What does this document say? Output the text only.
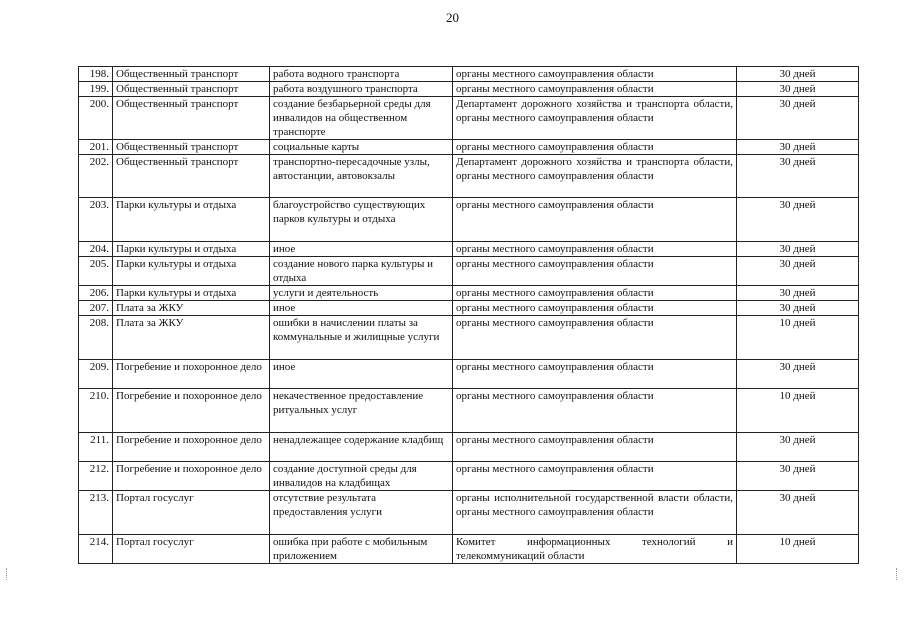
20
198.	Общественный транспорт	работа водного транспорта	органы местного самоуправления области	30 дней
199.	Общественный транспорт	работа воздушного транспорта	органы местного самоуправления области	30 дней
200.	Общественный транспорт	создание безбарьерной среды для инвалидов на общественном транспорте	Департамент дорожного хозяйства и транспорта области, органы местного самоуправления области	30 дней
201.	Общественный транспорт	социальные карты	органы местного самоуправления области	30 дней
202.	Общественный транспорт	транспортно-пересадочные узлы, автостанции, автовокзалы	Департамент дорожного хозяйства и транспорта области, органы местного самоуправления области	30 дней
203.	Парки культуры и отдыха	благоустройство существующих парков культуры и отдыха	органы местного самоуправления области	30 дней
204.	Парки культуры и отдыха	иное	органы местного самоуправления области	30 дней
205.	Парки культуры и отдыха	создание нового парка культуры и отдыха	органы местного самоуправления области	30 дней
206.	Парки культуры и отдыха	услуги и деятельность	органы местного самоуправления области	30 дней
207.	Плата за ЖКУ	иное	органы местного самоуправления области	30 дней
208.	Плата за ЖКУ	ошибки в начислении платы за коммунальные и жилищные услуги	органы местного самоуправления области	10 дней
209.	Погребение и похоронное дело	иное	органы местного самоуправления области	30 дней
210.	Погребение и похоронное дело	некачественное предоставление ритуальных услуг	органы местного самоуправления области	10 дней
211.	Погребение и похоронное дело	ненадлежащее содержание кладбищ	органы местного самоуправления области	30 дней
212.	Погребение и похоронное дело	создание доступной среды для инвалидов на кладбищах	органы местного самоуправления области	30 дней
213.	Портал госуслуг	отсутствие результата предоставления услуги	органы исполнительной государственной власти области, органы местного самоуправления области	30 дней
214.	Портал госуслуг	ошибка при работе с мобильным приложением	Комитет информационных технологий и телекоммуникаций области	10 дней
